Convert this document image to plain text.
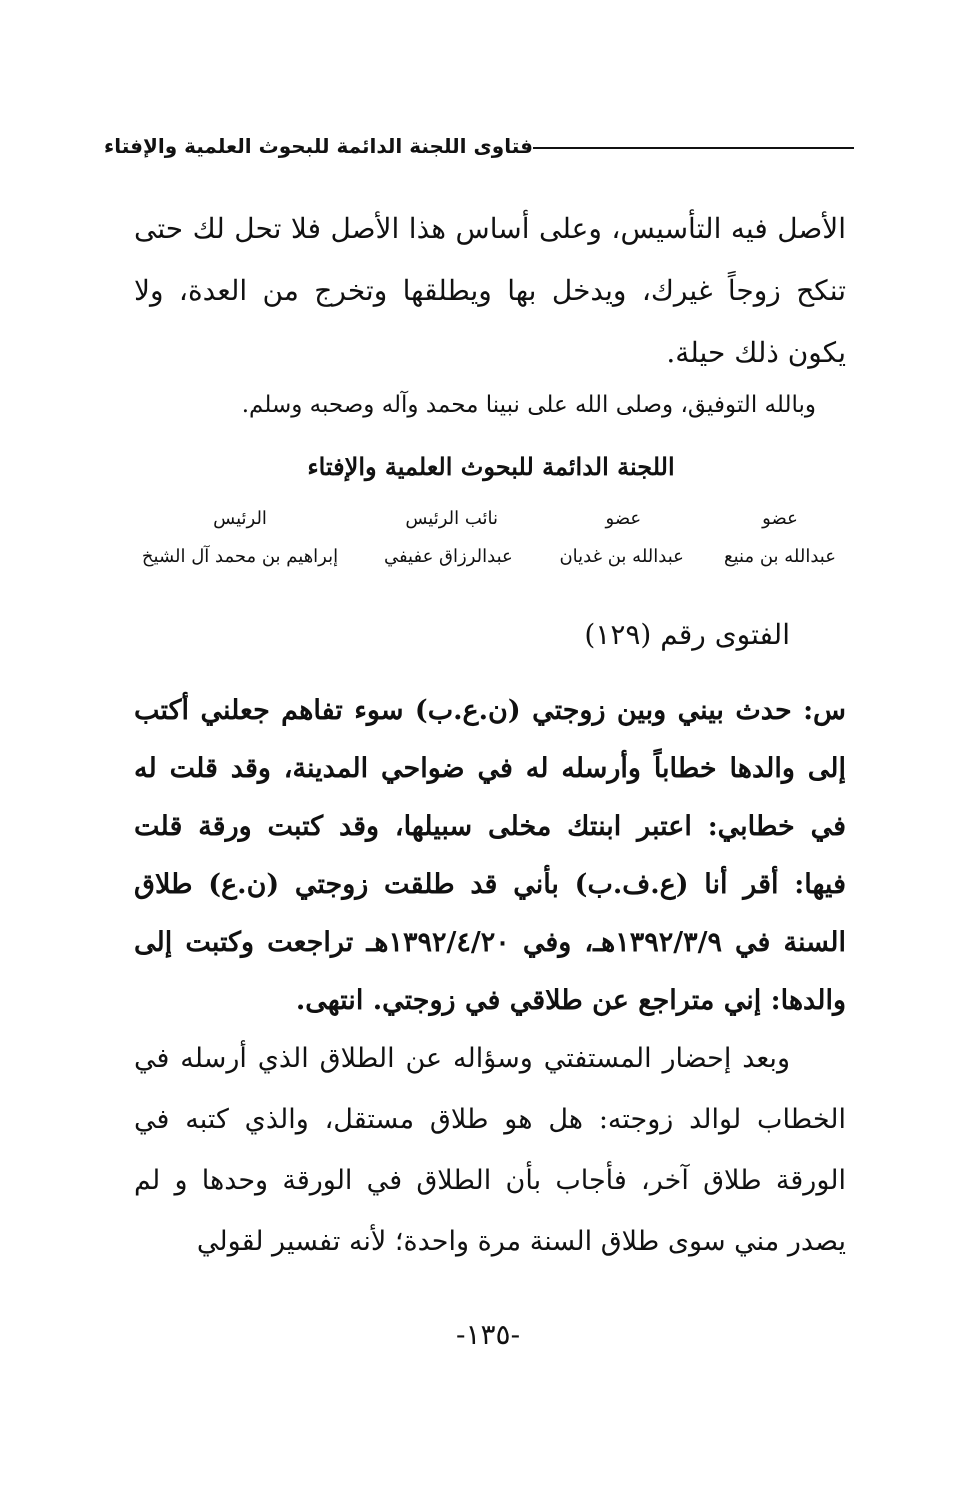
فتاوى اللجنة الدائمة للبحوث العلمية والإفتاء
الأصل فيه التأسيس، وعلى أساس هذا الأصل فلا تحل لك حتى تنكح زوجاً غيرك، ويدخل بها ويطلقها وتخرج من العدة، ولا يكون ذلك حيلة.
وبالله التوفيق، وصلى الله على نبينا محمد وآله وصحبه وسلم.
اللجنة الدائمة للبحوث العلمية والإفتاء
عضو
عضو
نائب الرئيس
الرئيس
عبدالله بن منيع
عبدالله بن غديان
عبدالرزاق عفيفي
إبراهيم بن محمد آل الشيخ
الفتوى رقم (١٢٩)
س: حدث بيني وبين زوجتي (ن.ع.ب) سوء تفاهم جعلني أكتب إلى والدها خطاباً وأرسله له في ضواحي المدينة، وقد قلت له في خطابي: اعتبر ابنتك مخلى سبيلها، وقد كتبت ورقة قلت فيها: أقر أنا (ع.ف.ب) بأني قد طلقت زوجتي (ن.ع) طلاق السنة في ١٣٩٢/٣/٩هـ، وفي ١٣٩٢/٤/٢٠هـ تراجعت وكتبت إلى والدها: إني متراجع عن طلاقي في زوجتي. انتهى.
وبعد إحضار المستفتي وسؤاله عن الطلاق الذي أرسله في الخطاب لوالد زوجته: هل هو طلاق مستقل، والذي كتبه في الورقة طلاق آخر، فأجاب بأن الطلاق في الورقة وحدها و لم يصدر مني سوى طلاق السنة مرة واحدة؛ لأنه تفسير لقولي
-١٣٥-
